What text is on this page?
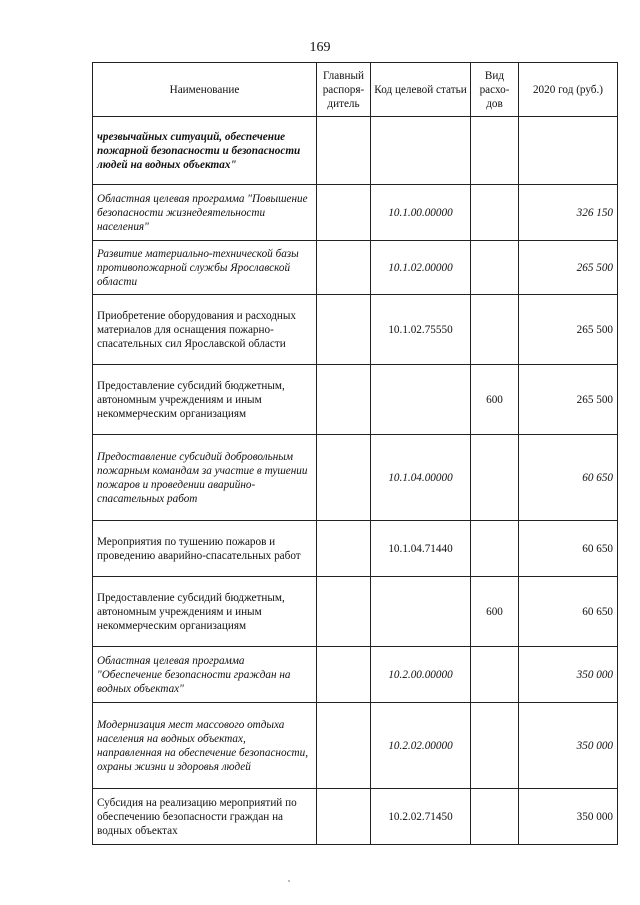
169
Наименование	Главный распоря-дитель	Код целевой статьи	Вид расхо-дов	2020 год (руб.)
чрезвычайных ситуаций, обеспечение пожарной безопасности и безопасности людей на водных объектах"				
Областная целевая программа "Повышение безопасности жизнедеятельности населения"		10.1.00.00000		326 150
Развитие материально-технической базы противопожарной службы Ярославской области		10.1.02.00000		265 500
Приобретение оборудования и расходных материалов для оснащения пожарно-спасательных сил Ярославской области		10.1.02.75550		265 500
Предоставление субсидий бюджетным, автономным учреждениям и иным некоммерческим организациям			600	265 500
Предоставление субсидий добровольным пожарным командам за участие в тушении пожаров и проведении аварийно-спасательных работ		10.1.04.00000		60 650
Мероприятия по тушению пожаров и проведению аварийно-спасательных работ		10.1.04.71440		60 650
Предоставление субсидий бюджетным, автономным учреждениям и иным некоммерческим организациям			600	60 650
Областная целевая программа "Обеспечение безопасности граждан на водных объектах"		10.2.00.00000		350 000
Модернизация мест массового отдыха населения на водных объектах, направленная на обеспечение безопасности, охраны жизни и здоровья людей		10.2.02.00000		350 000
Субсидия на реализацию мероприятий по обеспечению безопасности граждан на водных объектах		10.2.02.71450		350 000
